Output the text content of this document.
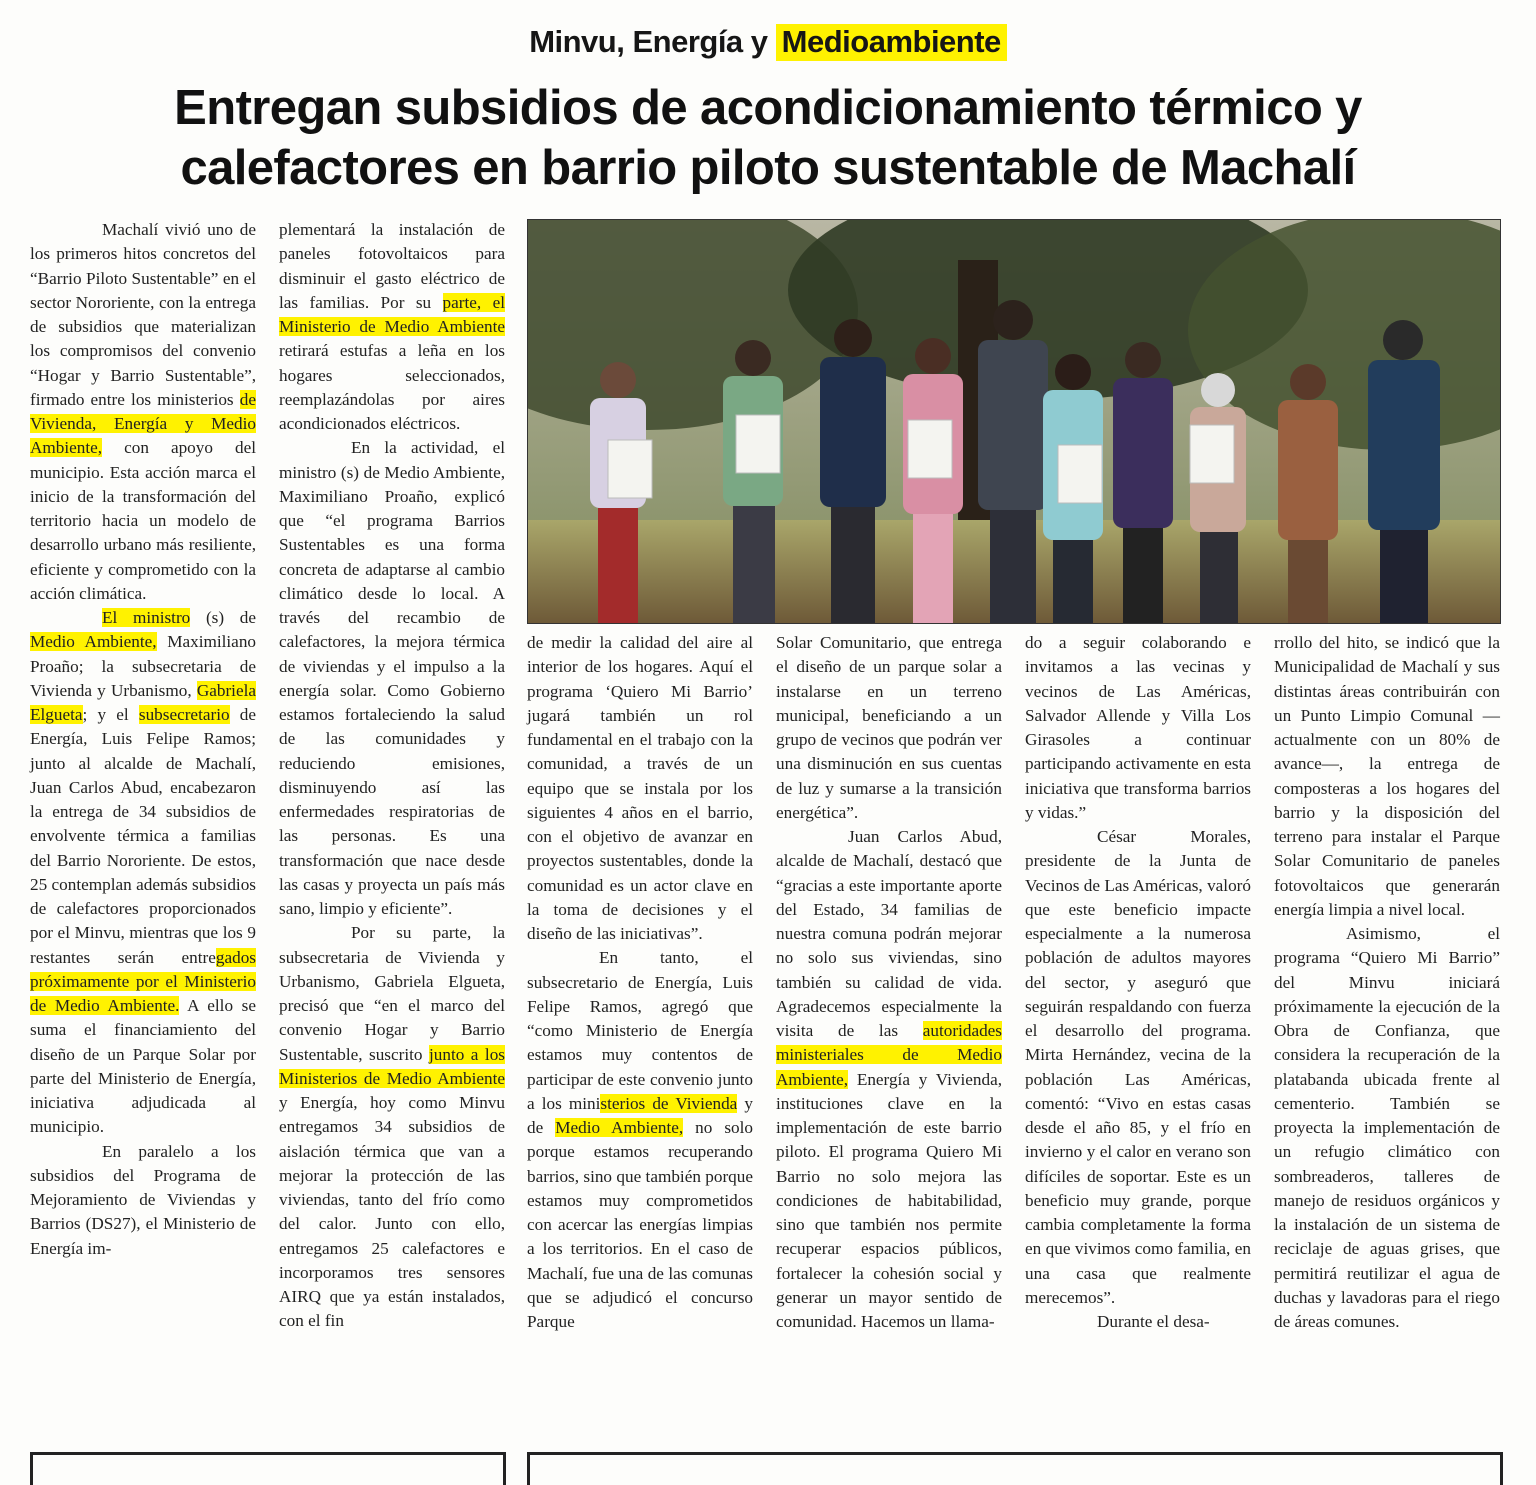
Minvu, Energía y Medioambiente
Entregan subsidios de acondicionamiento térmico y
calefactores en barrio piloto sustentable de Machalí

Machalí vivió uno de los primeros hitos concretos del “Barrio Piloto Sustentable” en el sector Nororiente, con la entrega de subsidios que materializan los compromisos del convenio “Hogar y Barrio Sustentable”, firmado entre los ministerios de Vivienda, Energía y Medio Ambiente, con apoyo del municipio. Esta acción marca el inicio de la transformación del territorio hacia un modelo de desarrollo urbano más resiliente, eficiente y comprometido con la acción climática.

El ministro (s) de Medio Ambiente, Maximiliano Proaño; la subsecretaria de Vivienda y Urbanismo, Gabriela Elgueta; y el subsecretario de Energía, Luis Felipe Ramos; junto al alcalde de Machalí, Juan Carlos Abud, encabezaron la entrega de 34 subsidios de envolvente térmica a familias del Barrio Nororiente. De estos, 25 contemplan además subsidios de calefactores proporcionados por el Minvu, mientras que los 9 restantes serán entregados próximamente por el Ministerio de Medio Ambiente. A ello se suma el financiamiento del diseño de un Parque Solar por parte del Ministerio de Energía, iniciativa adjudicada al municipio.

En paralelo a los subsidios del Programa de Mejoramiento de Viviendas y Barrios (DS27), el Ministerio de Energía im-

plementará la instalación de paneles fotovoltaicos para disminuir el gasto eléctrico de las familias. Por su parte, el Ministerio de Medio Ambiente retirará estufas a leña en los hogares seleccionados, reemplazándolas por aires acondicionados eléctricos.

En la actividad, el ministro (s) de Medio Ambiente, Maximiliano Proaño, explicó que “el programa Barrios Sustentables es una forma concreta de adaptarse al cambio climático desde lo local. A través del recambio de calefactores, la mejora térmica de viviendas y el impulso a la energía solar. Como Gobierno estamos fortaleciendo la salud de las comunidades y reduciendo emisiones, disminuyendo así las enfermedades respiratorias de las personas. Es una transformación que nace desde las casas y proyecta un país más sano, limpio y eficiente”.

Por su parte, la subsecretaria de Vivienda y Urbanismo, Gabriela Elgueta, precisó que “en el marco del convenio Hogar y Barrio Sustentable, suscrito junto a los Ministerios de Medio Ambiente y Energía, hoy como Minvu entregamos 34 subsidios de aislación térmica que van a mejorar la protección de las viviendas, tanto del frío como del calor. Junto con ello, entregamos 25 calefactores e incorporamos tres sensores AIRQ que ya están instalados, con el fin

de medir la calidad del aire al interior de los hogares. Aquí el programa ‘Quiero Mi Barrio’ jugará también un rol fundamental en el trabajo con la comunidad, a través de un equipo que se instala por los siguientes 4 años en el barrio, con el objetivo de avanzar en proyectos sustentables, donde la comunidad es un actor clave en la toma de decisiones y el diseño de las iniciativas”.

En tanto, el subsecretario de Energía, Luis Felipe Ramos, agregó que “como Ministerio de Energía estamos muy contentos de participar de este convenio junto a los ministerios de Vivienda y de Medio Ambiente, no solo porque estamos recuperando barrios, sino que también porque estamos muy comprometidos con acercar las energías limpias a los territorios. En el caso de Machalí, fue una de las comunas que se adjudicó el concurso Parque

Solar Comunitario, que entrega el diseño de un parque solar a instalarse en un terreno municipal, beneficiando a un grupo de vecinos que podrán ver una disminución en sus cuentas de luz y sumarse a la transición energética”.

Juan Carlos Abud, alcalde de Machalí, destacó que “gracias a este importante aporte del Estado, 34 familias de nuestra comuna podrán mejorar no solo sus viviendas, sino también su calidad de vida. Agradecemos especialmente la visita de las autoridades ministeriales de Medio Ambiente, Energía y Vivienda, instituciones clave en la implementación de este barrio piloto. El programa Quiero Mi Barrio no solo mejora las condiciones de habitabilidad, sino que también nos permite recuperar espacios públicos, fortalecer la cohesión social y generar un mayor sentido de comunidad. Hacemos un llama-

do a seguir colaborando e invitamos a las vecinas y vecinos de Las Américas, Salvador Allende y Villa Los Girasoles a continuar participando activamente en esta iniciativa que transforma barrios y vidas.”

César Morales, presidente de la Junta de Vecinos de Las Américas, valoró que este beneficio impacte especialmente a la numerosa población de adultos mayores del sector, y aseguró que seguirán respaldando con fuerza el desarrollo del programa. Mirta Hernández, vecina de la población Las Américas, comentó: “Vivo en estas casas desde el año 85, y el frío en invierno y el calor en verano son difíciles de soportar. Este es un beneficio muy grande, porque cambia completamente la forma en que vivimos como familia, en una casa que realmente merecemos”.

Durante el desa-

rrollo del hito, se indicó que la Municipalidad de Machalí y sus distintas áreas contribuirán con un Punto Limpio Comunal —actualmente con un 80% de avance—, la entrega de composteras a los hogares del barrio y la disposición del terreno para instalar el Parque Solar Comunitario de paneles fotovoltaicos que generarán energía limpia a nivel local.

Asimismo, el programa “Quiero Mi Barrio” del Minvu iniciará próximamente la ejecución de la Obra de Confianza, que considera la recuperación de la platabanda ubicada frente al cementerio. También se proyecta la implementación de un refugio climático con sombreaderos, talleres de manejo de residuos orgánicos y la instalación de un sistema de reciclaje de aguas grises, que permitirá reutilizar el agua de duchas y lavadoras para el riego de áreas comunes.
